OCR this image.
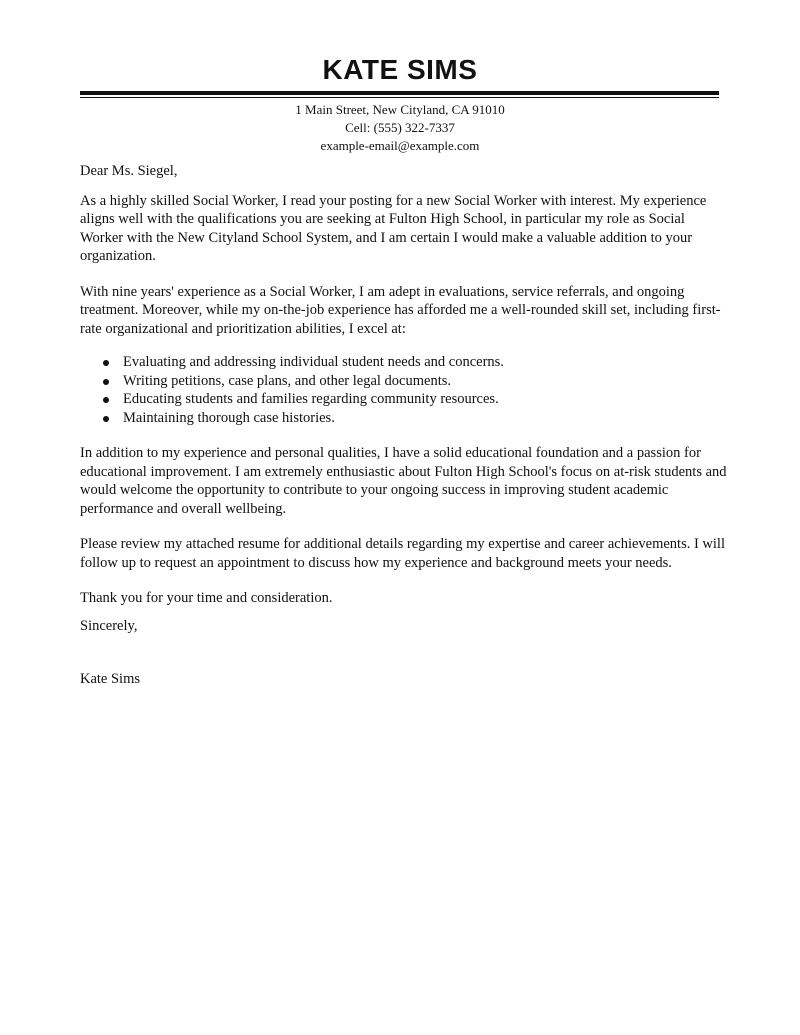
KATE SIMS
1 Main Street, New Cityland, CA 91010
Cell: (555) 322-7337
example-email@example.com

Dear Ms. Siegel,

As a highly skilled Social Worker, I read your posting for a new Social Worker with interest. My experience aligns well with the qualifications you are seeking at Fulton High School, in particular my role as Social Worker with the New Cityland School System, and I am certain I would make a valuable addition to your organization.

With nine years' experience as a Social Worker, I am adept in evaluations, service referrals, and ongoing treatment. Moreover, while my on-the-job experience has afforded me a well-rounded skill set, including first-rate organizational and prioritization abilities, I excel at:

Evaluating and addressing individual student needs and concerns.
Writing petitions, case plans, and other legal documents.
Educating students and families regarding community resources.
Maintaining thorough case histories.

In addition to my experience and personal qualities, I have a solid educational foundation and a passion for educational improvement. I am extremely enthusiastic about Fulton High School's focus on at-risk students and would welcome the opportunity to contribute to your ongoing success in improving student academic performance and overall wellbeing.

Please review my attached resume for additional details regarding my expertise and career achievements. I will follow up to request an appointment to discuss how my experience and background meets your needs.

Thank you for your time and consideration.

Sincerely,

Kate Sims
